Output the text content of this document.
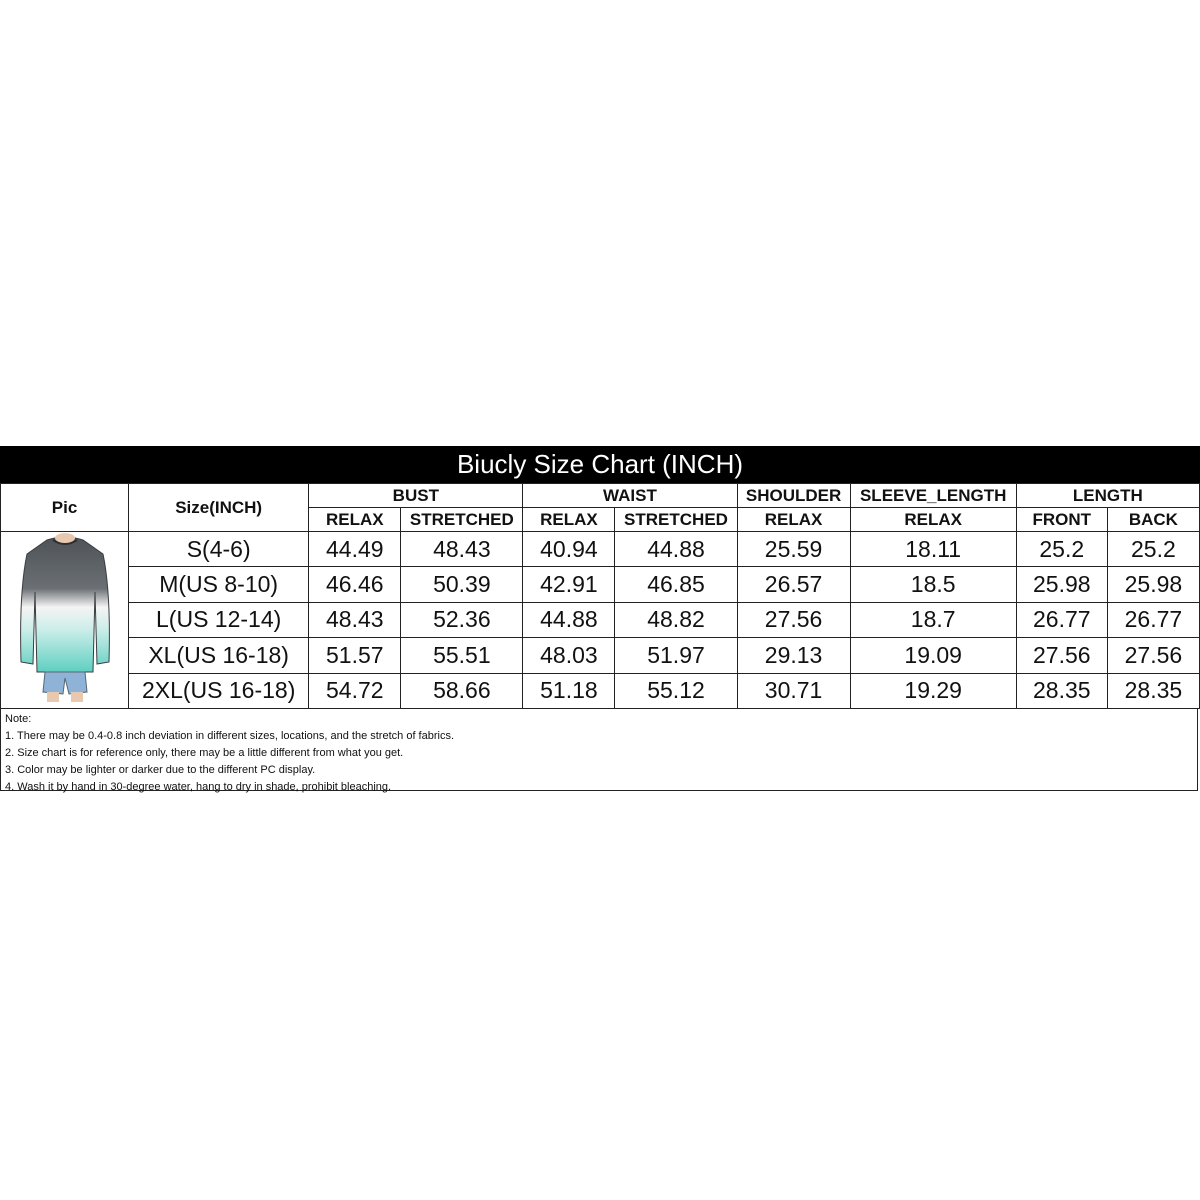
Biucly Size Chart (INCH)
Pic	Size(INCH)	BUST		WAIST		SHOULDER	SLEEVE_LENGTH	LENGTH	
		RELAX	STRETCHED	RELAX	STRETCHED	RELAX	RELAX	FRONT	BACK
	S(4-6)	44.49	48.43	40.94	44.88	25.59	18.11	25.2	25.2
	M(US 8-10)	46.46	50.39	42.91	46.85	26.57	18.5	25.98	25.98
	L(US 12-14)	48.43	52.36	44.88	48.82	27.56	18.7	26.77	26.77
	XL(US 16-18)	51.57	55.51	48.03	51.97	29.13	19.09	27.56	27.56
	2XL(US 16-18)	54.72	58.66	51.18	55.12	30.71	19.29	28.35	28.35
Note:
1. There may be 0.4-0.8 inch deviation in different sizes, locations, and the stretch of fabrics.
2. Size chart is for reference only, there may be a little different from what you get.
3. Color may be lighter or darker due to the different PC display.
4. Wash it by hand in 30-degree water, hang to dry in shade, prohibit bleaching.
